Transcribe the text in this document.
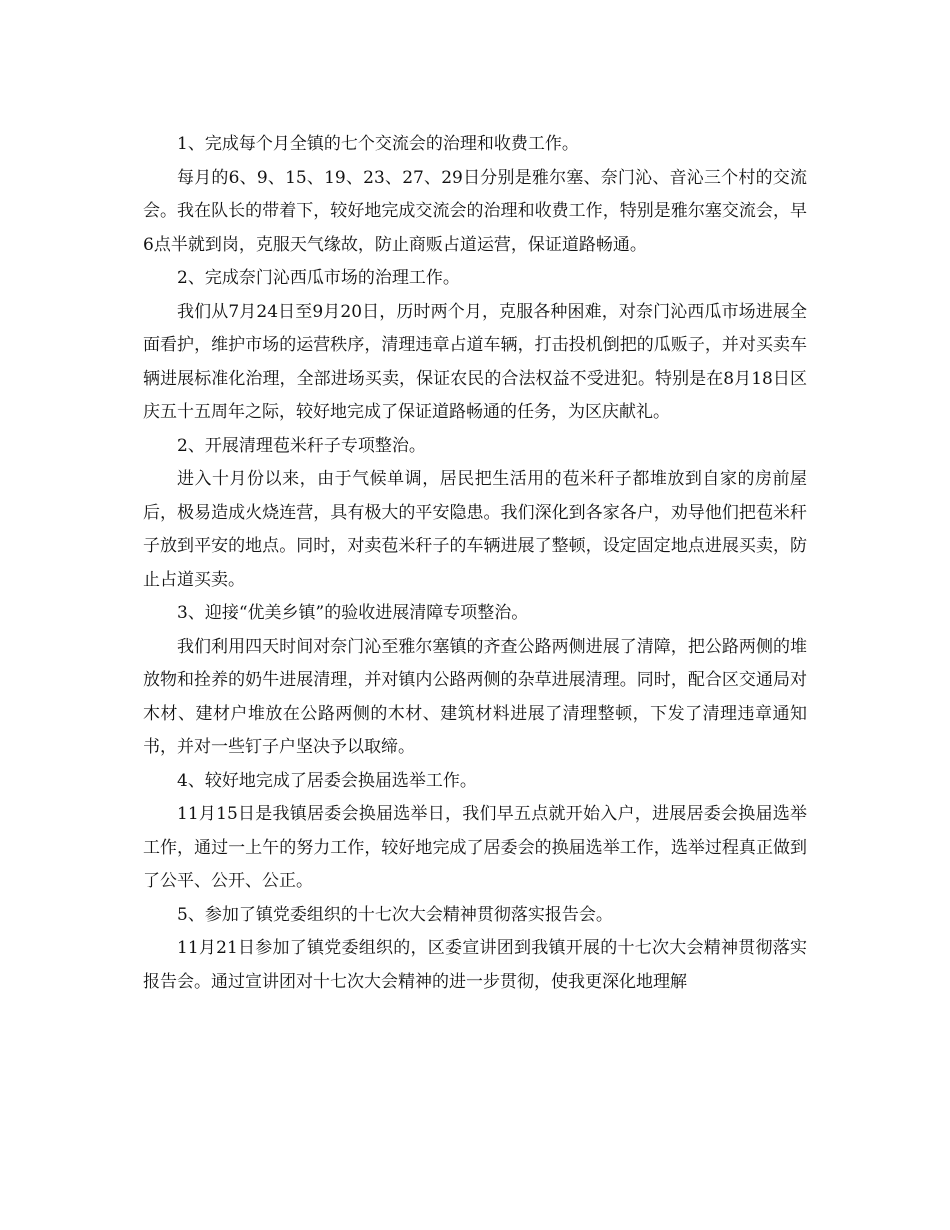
1、完成每个月全镇的七个交流会的治理和收费工作。

每月的6、9、15、19、23、27、29日分别是雅尔塞、奈门沁、音沁三个村的交流会。我在队长的带着下，较好地完成交流会的治理和收费工作，特别是雅尔塞交流会，早6点半就到岗，克服天气缘故，防止商贩占道运营，保证道路畅通。

2、完成奈门沁西瓜市场的治理工作。

我们从7月24日至9月20日，历时两个月，克服各种困难，对奈门沁西瓜市场进展全面看护，维护市场的运营秩序，清理违章占道车辆，打击投机倒把的瓜贩子，并对买卖车辆进展标准化治理，全部进场买卖，保证农民的合法权益不受进犯。特别是在8月18日区庆五十五周年之际，较好地完成了保证道路畅通的任务，为区庆献礼。

2、开展清理苞米秆子专项整治。

进入十月份以来，由于气候单调，居民把生活用的苞米秆子都堆放到自家的房前屋后，极易造成火烧连营，具有极大的平安隐患。我们深化到各家各户，劝导他们把苞米秆子放到平安的地点。同时，对卖苞米秆子的车辆进展了整顿，设定固定地点进展买卖，防止占道买卖。

3、迎接“优美乡镇”的验收进展清障专项整治。

我们利用四天时间对奈门沁至雅尔塞镇的齐查公路两侧进展了清障，把公路两侧的堆放物和拴养的奶牛进展清理，并对镇内公路两侧的杂草进展清理。同时，配合区交通局对木材、建材户堆放在公路两侧的木材、建筑材料进展了清理整顿，下发了清理违章通知书，并对一些钉子户坚决予以取缔。

4、较好地完成了居委会换届选举工作。

11月15日是我镇居委会换届选举日，我们早五点就开始入户，进展居委会换届选举工作，通过一上午的努力工作，较好地完成了居委会的换届选举工作，选举过程真正做到了公平、公开、公正。

5、参加了镇党委组织的十七次大会精神贯彻落实报告会。

11月21日参加了镇党委组织的，区委宣讲团到我镇开展的十七次大会精神贯彻落实报告会。通过宣讲团对十七次大会精神的进一步贯彻，使我更深化地理解
